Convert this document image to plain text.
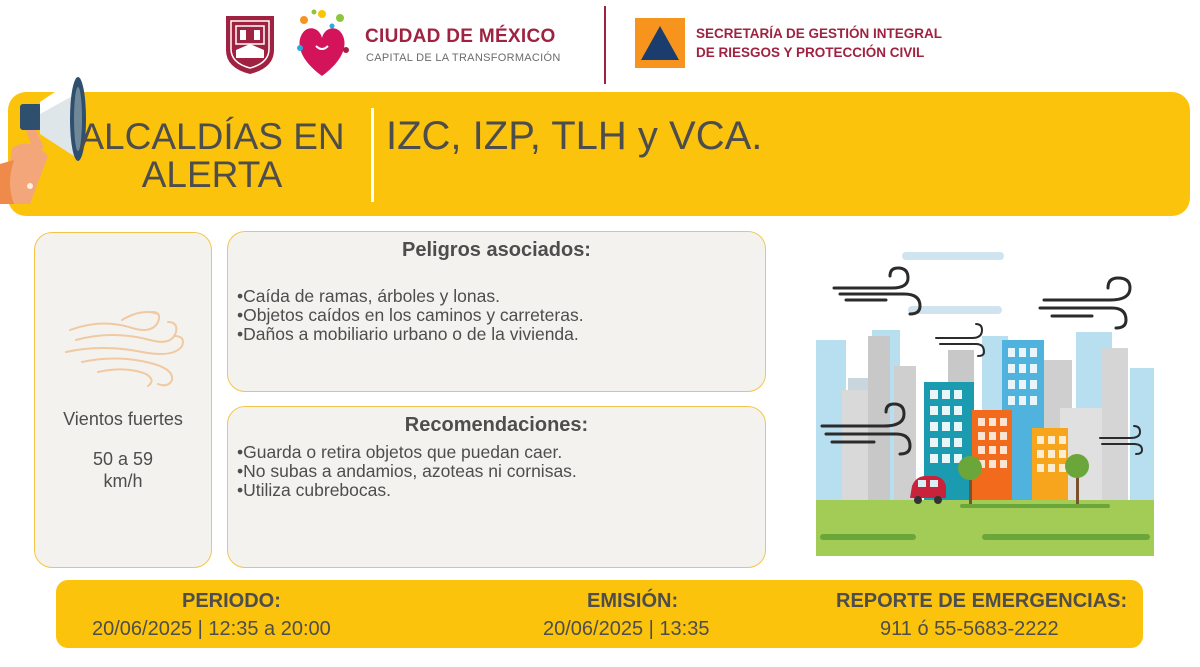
CIUDAD DE MÉXICO
CAPITAL DE LA TRANSFORMACIÓN
SECRETARÍA DE GESTIÓN INTEGRAL
DE RIESGOS Y PROTECCIÓN CIVIL
ALCALDÍAS EN ALERTA
IZC, IZP, TLH y VCA.
Vientos fuertes
50 a 59 km/h
Peligros asociados:
• Caída de ramas, árboles y lonas.
• Objetos caídos en los caminos y carreteras.
• Daños a mobiliario urbano o de la vivienda.
Recomendaciones:
• Guarda o retira objetos que puedan caer.
• No subas a andamios, azoteas ni cornisas.
• Utiliza cubrebocas.
PERIODO:
20/06/2025 | 12:35 a 20:00
EMISIÓN:
20/06/2025 | 13:35
REPORTE DE EMERGENCIAS:
911 ó 55-5683-2222
